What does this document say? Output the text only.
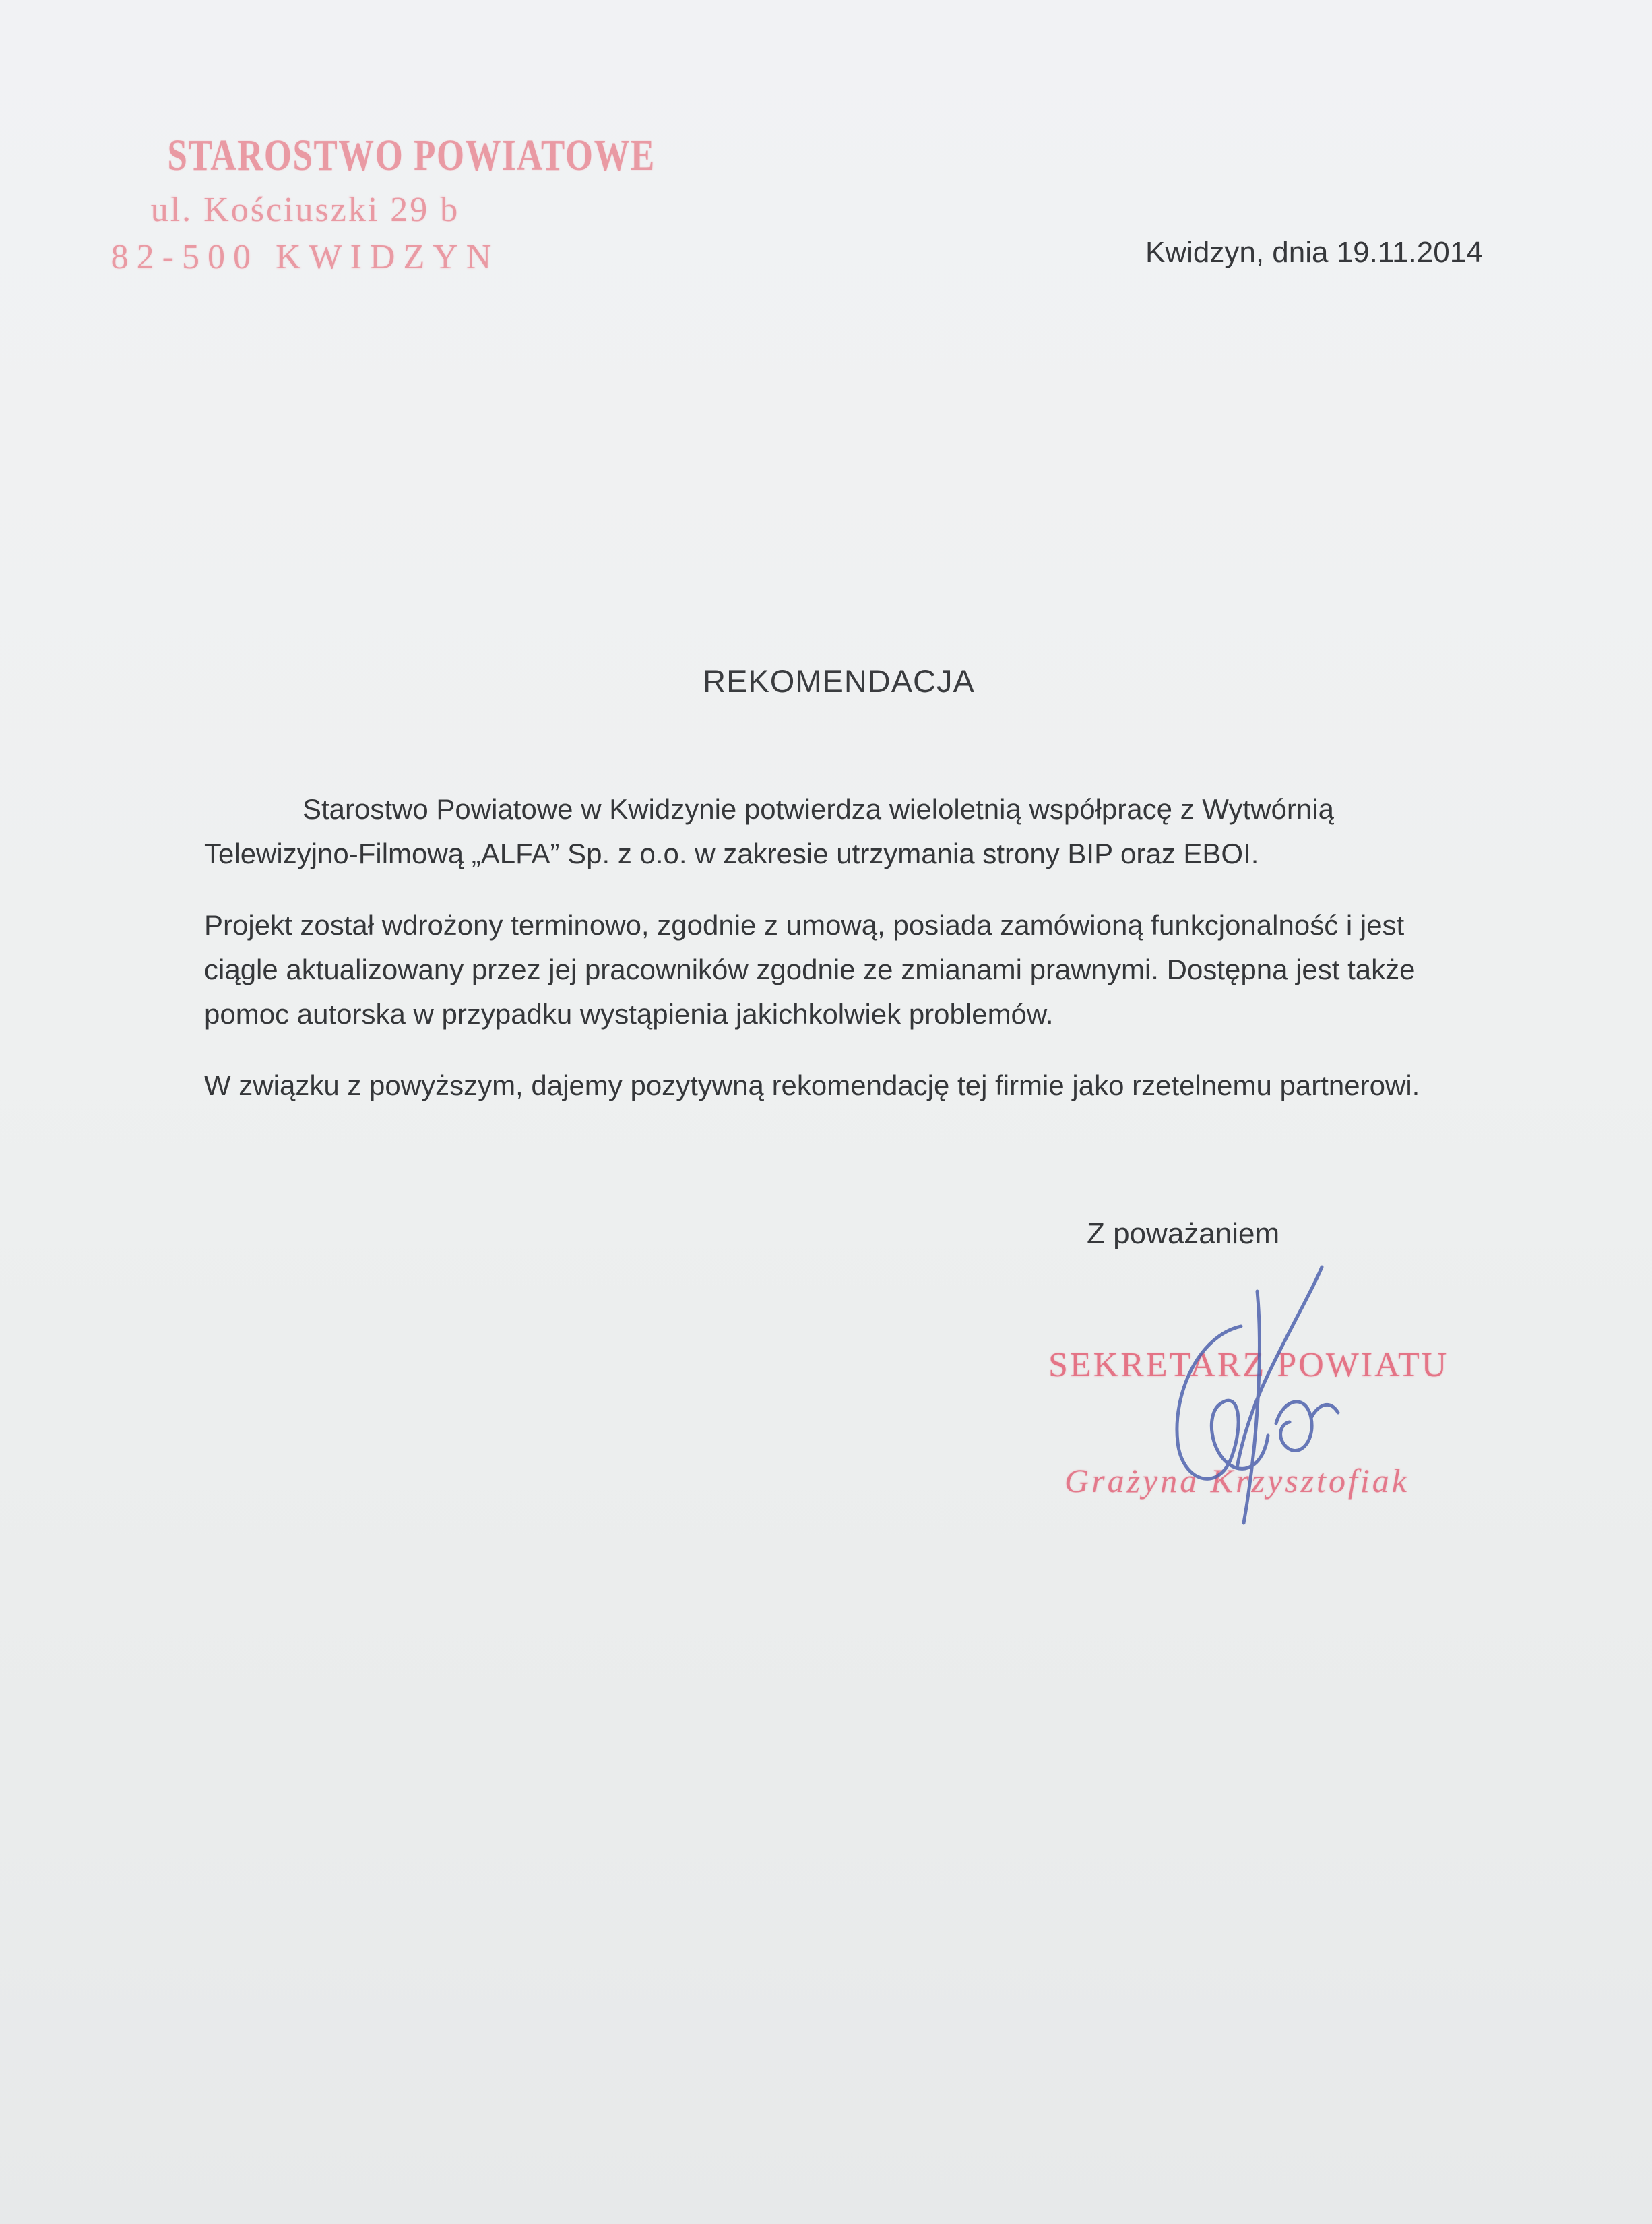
STAROSTWO POWIATOWE
ul. Kościuszki 29 b
82-500 KWIDZYN	Kwidzyn, dnia 19.11.2014
REKOMENDACJA

Starostwo Powiatowe w Kwidzynie potwierdza wieloletnią współpracę z Wytwórnią Telewizyjno-Filmową „ALFA” Sp. z o.o. w zakresie utrzymania strony BIP oraz EBOI.

Projekt został wdrożony terminowo, zgodnie z umową, posiada zamówioną funkcjonalność i jest ciągle aktualizowany przez jej pracowników zgodnie ze zmianami prawnymi. Dostępna jest także pomoc autorska w przypadku wystąpienia jakichkolwiek problemów.

W związku z powyższym, dajemy pozytywną rekomendację tej firmie jako rzetelnemu partnerowi.

Z poważaniem
SEKRETARZ POWIATU
Grażyna Krzysztofiak
